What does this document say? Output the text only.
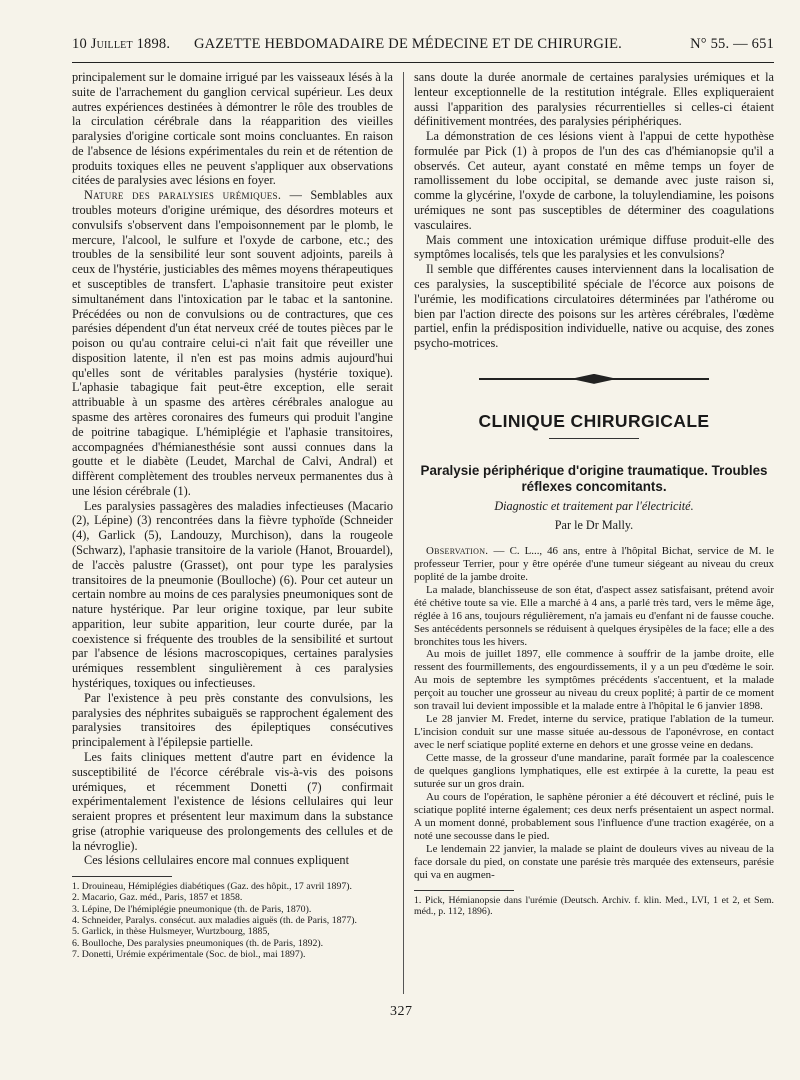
10 Juillet 1898. GAZETTE HEBDOMADAIRE DE MÉDECINE ET DE CHIRURGIE.	N° 55. — 651

principalement sur le domaine irrigué par les vaisseaux lésés à la suite de l'arrachement du ganglion cervical supérieur. Les deux autres expériences destinées à démontrer le rôle des troubles de la circulation cérébrale dans la réapparition des vieilles paralysies d'origine corticale sont moins concluantes. En raison de l'absence de lésions expérimentales du rein et de rétention de produits toxiques elles ne peuvent s'appliquer aux observations citées de paralysies avec lésions en foyer.

Nature des paralysies urémiques. — Semblables aux troubles moteurs d'origine urémique, des désordres moteurs et convulsifs s'observent dans l'empoisonnement par le plomb, le mercure, l'alcool, le sulfure et l'oxyde de carbone, etc.; des troubles de la sensibilité leur sont souvent adjoints, pareils à ceux de l'hystérie, justiciables des mêmes moyens thérapeutiques et susceptibles de transfert. L'aphasie transitoire peut exister simultanément dans l'intoxication par le tabac et la santonine. Précédées ou non de convulsions ou de contractures, que ces parésies dépendent d'un état nerveux créé de toutes pièces par le poison ou qu'au contraire celui-ci n'ait fait que réveiller une disposition latente, il n'en est pas moins admis aujourd'hui qu'elles sont de véritables paralysies (hystérie toxique). L'aphasie tabagique fait peut-être exception, elle serait attribuable à un spasme des artères cérébrales analogue au spasme des artères coronaires des fumeurs qui produit l'angine de poitrine tabagique. L'hémiplégie et l'aphasie transitoires, accompagnées d'hémianesthésie sont aussi connues dans la goutte et le diabète (Leudet, Marchal de Calvi, Andral) et diffèrent complètement des troubles nerveux permanentes dus à une lésion cérébrale (1).

Les paralysies passagères des maladies infectieuses (Macario (2), Lépine) (3) rencontrées dans la fièvre typhoïde (Schneider (4), Garlick (5), Landouzy, Murchison), dans la rougeole (Schwarz), l'aphasie transitoire de la variole (Hanot, Brouardel), de l'accès palustre (Grasset), ont pour type les paralysies transitoires de la pneumonie (Boulloche) (6). Pour cet auteur un certain nombre au moins de ces paralysies pneumoniques sont de nature hystérique. Par leur origine toxique, par leur subite apparition, leur subite apparition, leur courte durée, par la coexistence si fréquente des troubles de la sensibilité et surtout par l'absence de lésions macroscopiques, certaines paralysies urémiques ressemblent singulièrement à ces paralysies hystériques, toxiques ou infectieuses.

Par l'existence à peu près constante des convulsions, les paralysies des néphrites subaiguës se rapprochent également des paralysies transitoires des épileptiques consécutives principalement à l'épilepsie partielle.

Les faits cliniques mettent d'autre part en évidence la susceptibilité de l'écorce cérébrale vis-à-vis des poisons urémiques, et récemment Donetti (7) confirmait expérimentalement l'existence de lésions cellulaires qui leur seraient propres et présentent leur maximum dans la substance grise (atrophie variqueuse des prolongements des cellules et de la névroglie).

Ces lésions cellulaires encore mal connues expliquent

1. Drouineau, Hémiplégies diabétiques (Gaz. des hôpit., 17 avril 1897).
2. Macario, Gaz. méd., Paris, 1857 et 1858.
3. Lépine, De l'hémiplégie pneumonique (th. de Paris, 1870).
4. Schneider, Paralys. consécut. aux maladies aiguës (th. de Paris, 1877).
5. Garlick, in thèse Hulsmeyer, Wurtzbourg, 1885,
6. Boulloche, Des paralysies pneumoniques (th. de Paris, 1892).
7. Donetti, Urémie expérimentale (Soc. de biol., mai 1897).

sans doute la durée anormale de certaines paralysies urémiques et la lenteur exceptionnelle de la restitution intégrale. Elles expliqueraient aussi l'apparition des paralysies récurrentielles si celles-ci étaient définitivement montrées, des paralysies périphériques.

La démonstration de ces lésions vient à l'appui de cette hypothèse formulée par Pick (1) à propos de l'un des cas d'hémianopsie qu'il a observés. Cet auteur, ayant constaté en même temps un foyer de ramollissement du lobe occipital, se demande avec juste raison si, comme la glycérine, l'oxyde de carbone, la toluylendiamine, les poisons urémiques ne sont pas susceptibles de déterminer des coagulations vasculaires.

Mais comment une intoxication urémique diffuse produit-elle des symptômes localisés, tels que les paralysies et les convulsions?

Il semble que différentes causes interviennent dans la localisation de ces paralysies, la susceptibilité spéciale de l'écorce aux poisons de l'urémie, les modifications circulatoires déterminées par l'athérome ou bien par l'action directe des poisons sur les artères cérébrales, l'œdème partiel, enfin la prédisposition individuelle, native ou acquise, des zones psycho-motrices.

CLINIQUE CHIRURGICALE
Paralysie périphérique d'origine traumatique. Troubles réflexes concomitants.
Diagnostic et traitement par l'électricité.
Par le Dr Mally.

Observation. — C. L..., 46 ans, entre à l'hôpital Bichat, service de M. le professeur Terrier, pour y être opérée d'une tumeur siégeant au niveau du creux poplité de la jambe droite.

La malade, blanchisseuse de son état, d'aspect assez satisfaisant, prétend avoir été chétive toute sa vie. Elle a marché à 4 ans, a parlé très tard, vers le même âge, réglée à 16 ans, toujours régulièrement, n'a jamais eu d'enfant ni de fausse couche. Ses antécédents personnels se réduisent à quelques érysipèles de la face; elle a des bronchites tous les hivers.

Au mois de juillet 1897, elle commence à souffrir de la jambe droite, elle ressent des fourmillements, des engourdissements, il y a un peu d'œdème le soir. Au mois de septembre les symptômes précédents s'accentuent, et la malade perçoit au toucher une grosseur au niveau du creux poplité; à partir de ce moment son travail lui devient impossible et la malade entre à l'hôpital le 6 janvier 1898.

Le 28 janvier M. Fredet, interne du service, pratique l'ablation de la tumeur. L'incision conduit sur une masse située au-dessous de l'aponévrose, en contact avec le nerf sciatique poplité externe en dehors et une grosse veine en dedans.

Cette masse, de la grosseur d'une mandarine, paraît formée par la coalescence de quelques ganglions lymphatiques, elle est extirpée à la curette, la peau est suturée sur un gros drain.

Au cours de l'opération, le saphène péronier a été découvert et récliné, puis le sciatique poplité interne également; ces deux nerfs présentaient un aspect normal. A un moment donné, probablement sous l'influence d'une traction exagérée, on a noté une secousse dans le pied.

Le lendemain 22 janvier, la malade se plaint de douleurs vives au niveau de la face dorsale du pied, on constate une parésie très marquée des extenseurs, parésie qui va en augmen-

1. Pick, Hémianopsie dans l'urémie (Deutsch. Archiv. f. klin. Med., LVI, 1 et 2, et Sem. méd., p. 112, 1896).
327
